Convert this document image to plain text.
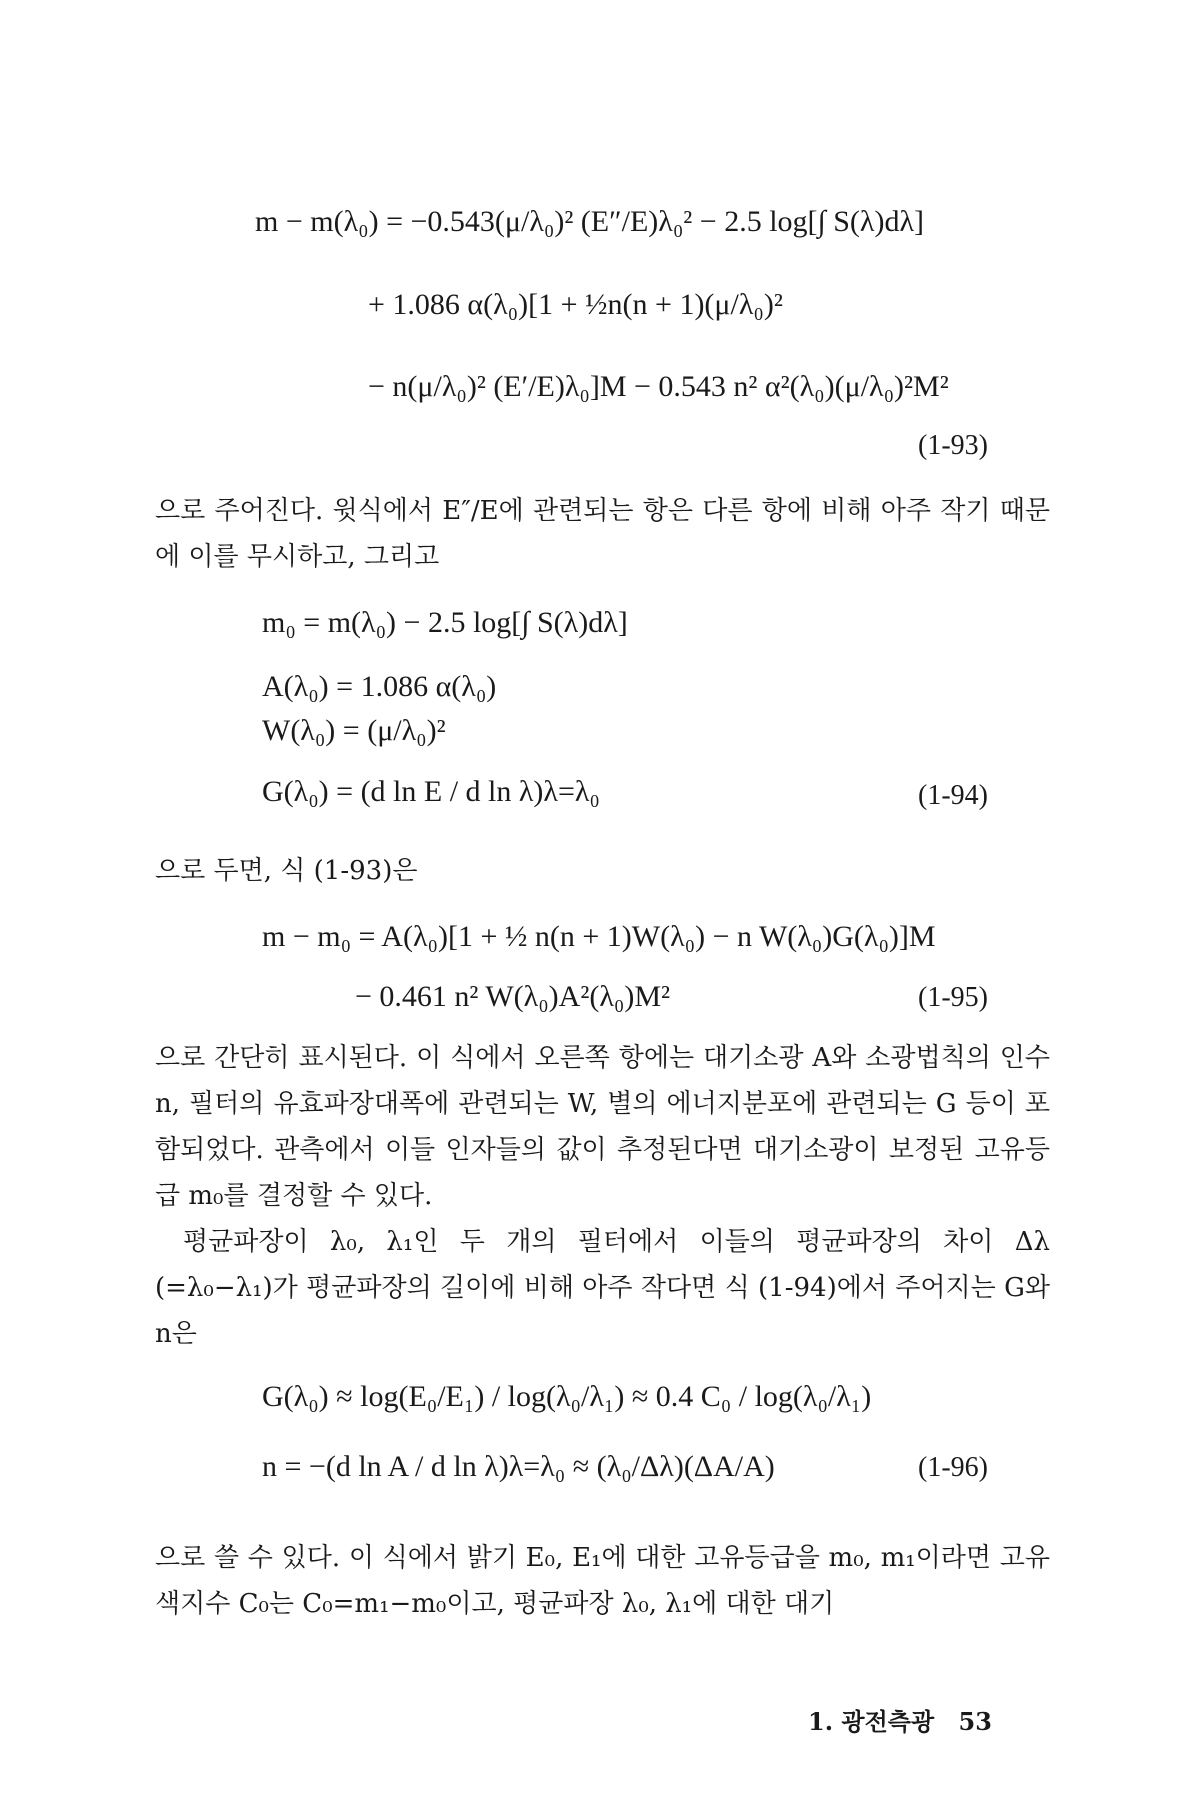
m − m(λ₀) = −0.543(μ/λ₀)² (E″/E)λ₀² − 2.5 log[∫ S(λ)dλ]
+ 1.086 α(λ₀)[1 + ½n(n + 1)(μ/λ₀)²
− n(μ/λ₀)² (E′/E)λ₀]M − 0.543 n² α²(λ₀)(μ/λ₀)²M²
(1-93)

으로 주어진다. 윗식에서 E″/E에 관련되는 항은 다른 항에 비해 아주 작기 때문에 이를 무시하고, 그리고

m₀ = m(λ₀) − 2.5 log[∫ S(λ)dλ]
A(λ₀) = 1.086 α(λ₀)
W(λ₀) = (μ/λ₀)²
G(λ₀) = (d ln E / d ln λ)λ=λ₀	(1-94)

으로 두면, 식 (1-93)은

m − m₀ = A(λ₀)[1 + ½ n(n + 1)W(λ₀) − n W(λ₀)G(λ₀)]M
− 0.461 n² W(λ₀)A²(λ₀)M²	(1-95)

으로 간단히 표시된다. 이 식에서 오른쪽 항에는 대기소광 A와 소광법칙의 인수 n, 필터의 유효파장대폭에 관련되는 W, 별의 에너지분포에 관련되는 G 등이 포함되었다. 관측에서 이들 인자들의 값이 추정된다면 대기소광이 보정된 고유등급 m₀를 결정할 수 있다.

평균파장이 λ₀, λ₁인 두 개의 필터에서 이들의 평균파장의 차이 Δλ (=λ₀−λ₁)가 평균파장의 길이에 비해 아주 작다면 식 (1-94)에서 주어지는 G와 n은

G(λ₀) ≈ log(E₀/E₁) / log(λ₀/λ₁) ≈ 0.4 C₀ / log(λ₀/λ₁)
n = −(d ln A / d ln λ)λ=λ₀ ≈ (λ₀/Δλ)(ΔA/A)	(1-96)

으로 쓸 수 있다. 이 식에서 밝기 E₀, E₁에 대한 고유등급을 m₀, m₁이라면 고유색지수 C₀는 C₀=m₁−m₀이고, 평균파장 λ₀, λ₁에 대한 대기

1. 광전측광 53
